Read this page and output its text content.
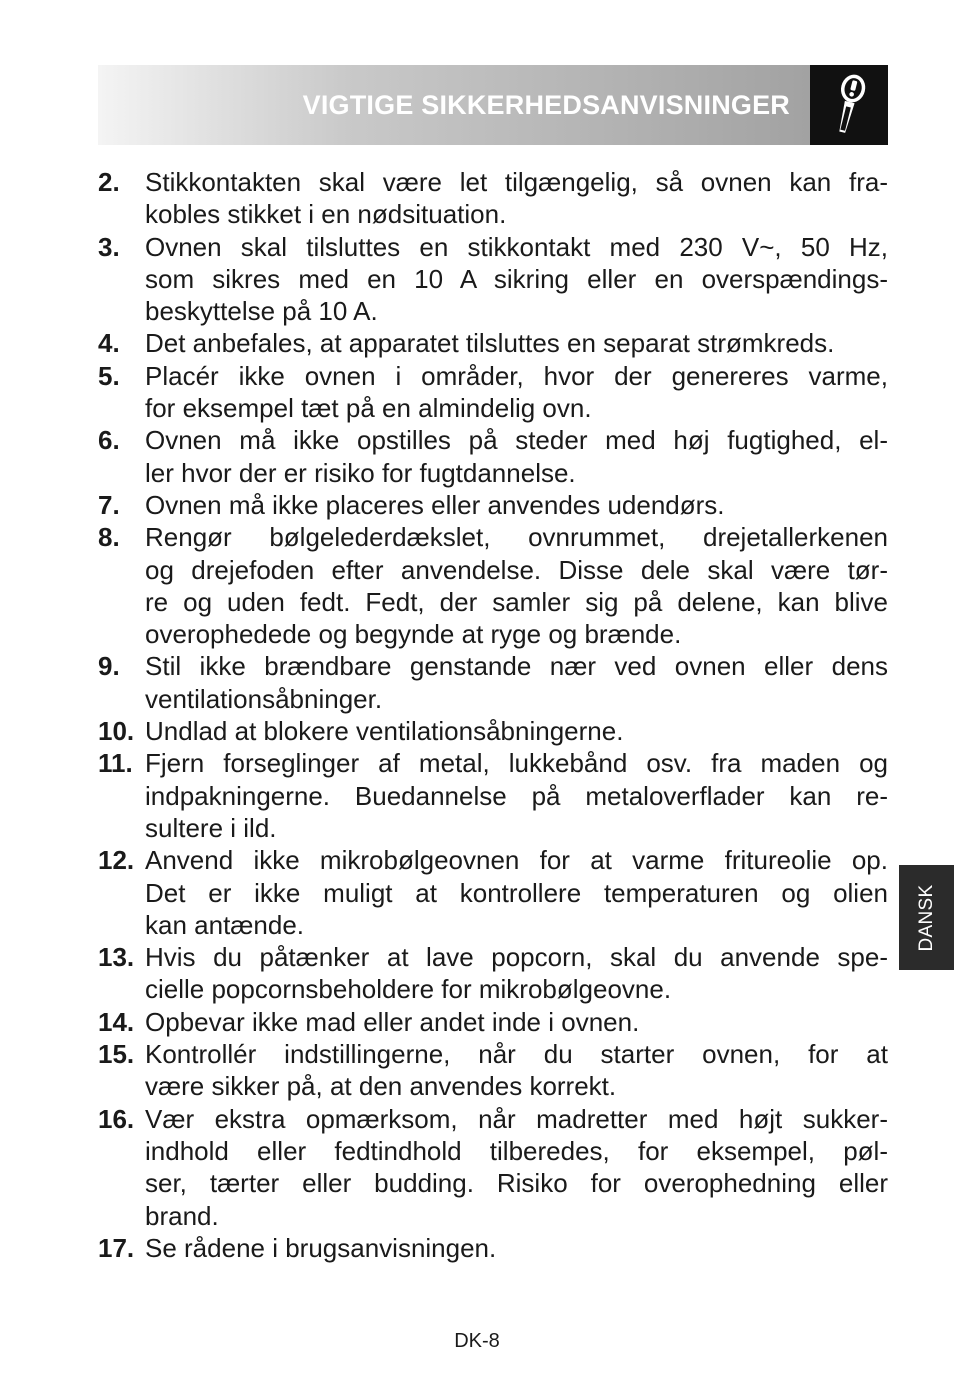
VIGTIGE SIKKERHEDSANVISNINGER
2. Stikkontakten skal være let tilgængelig, så ovnen kan fra-
kobles stikket i en nødsituation.
3. Ovnen skal tilsluttes en stikkontakt med 230 V~, 50 Hz,
som sikres med en 10 A sikring eller en overspændings-
beskyttelse på 10 A.
4. Det anbefales, at apparatet tilsluttes en separat strømkreds.
5. Placér ikke ovnen i områder, hvor der genereres varme,
for eksempel tæt på en almindelig ovn.
6. Ovnen må ikke opstilles på steder med høj fugtighed, el-
ler hvor der er risiko for fugtdannelse.
7. Ovnen må ikke placeres eller anvendes udendørs.
8. Rengør bølgelederdækslet, ovnrummet, drejetallerkenen
og drejefoden efter anvendelse. Disse dele skal være tør-
re og uden fedt. Fedt, der samler sig på delene, kan blive
overophedede og begynde at ryge og brænde.
9. Stil ikke brændbare genstande nær ved ovnen eller dens
ventilationsåbninger.
10. Undlad at blokere ventilationsåbningerne.
11. Fjern forseglinger af metal, lukkebånd osv. fra maden og
indpakningerne. Buedannelse på metaloverflader kan re-
sultere i ild.
12. Anvend ikke mikrobølgeovnen for at varme fritureolie op.
Det er ikke muligt at kontrollere temperaturen og olien
kan antænde.
13. Hvis du påtænker at lave popcorn, skal du anvende spe-
cielle popcornsbeholdere for mikrobølgeovne.
14. Opbevar ikke mad eller andet inde i ovnen.
15. Kontrollér indstillingerne, når du starter ovnen, for at
være sikker på, at den anvendes korrekt.
16. Vær ekstra opmærksom, når madretter med højt sukker-
indhold eller fedtindhold tilberedes, for eksempel, pøl-
ser, tærter eller budding. Risiko for overophedning eller
brand.
17. Se rådene i brugsanvisningen.
DANSK
DK-8
